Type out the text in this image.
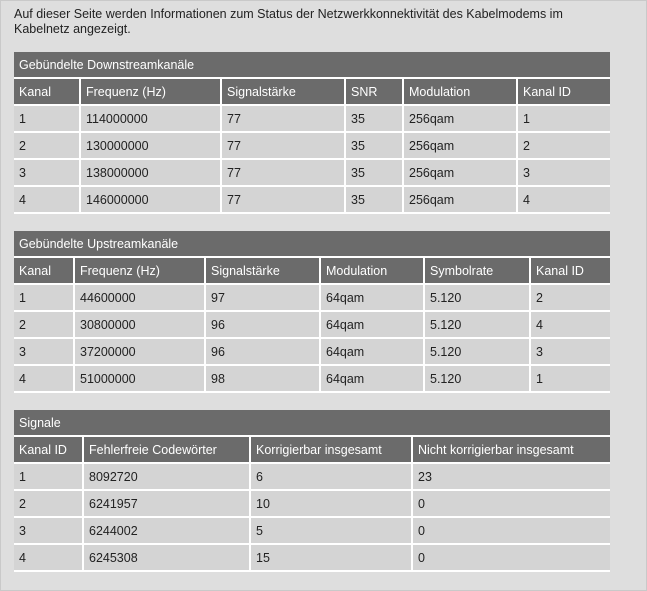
Auf dieser Seite werden Informationen zum Status der Netzwerkkonnektivität des Kabelmodems im Kabelnetz angezeigt.
Gebündelte Downstreamkanäle					
Kanal	Frequenz (Hz)	Signalstärke	SNR	Modulation	Kanal ID
1	114000000	77	35	256qam	1
2	130000000	77	35	256qam	2
3	138000000	77	35	256qam	3
4	146000000	77	35	256qam	4
Gebündelte Upstreamkanäle					
Kanal	Frequenz (Hz)	Signalstärke	Modulation	Symbolrate	Kanal ID
1	44600000	97	64qam	5.120	2
2	30800000	96	64qam	5.120	4
3	37200000	96	64qam	5.120	3
4	51000000	98	64qam	5.120	1
Signale			
Kanal ID	Fehlerfreie Codewörter	Korrigierbar insgesamt	Nicht korrigierbar insgesamt
1	8092720	6	23
2	6241957	10	0
3	6244002	5	0
4	6245308	15	0
